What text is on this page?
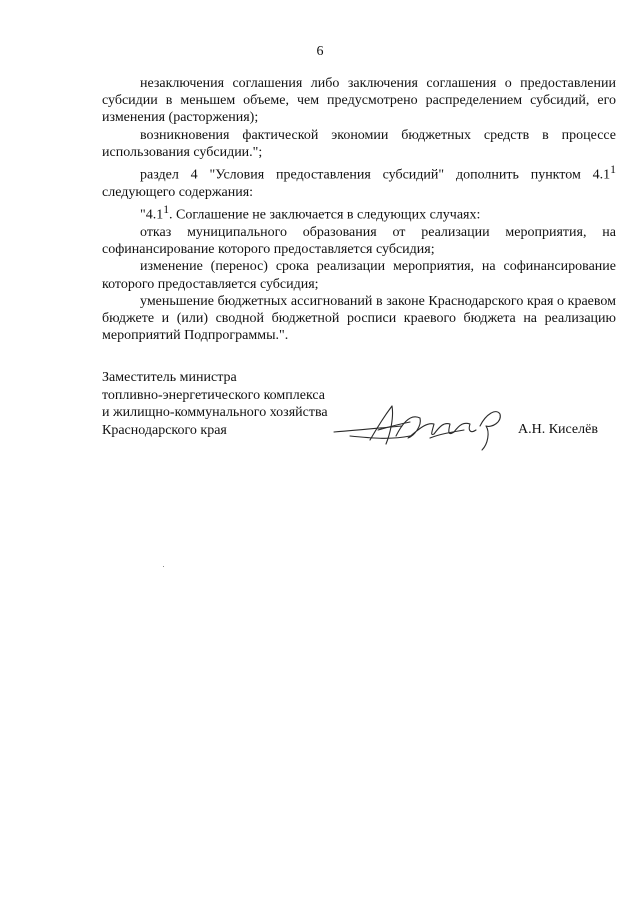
6

незаключения соглашения либо заключения соглашения о предоставлении субсидии в меньшем объеме, чем предусмотрено распределением субсидий, его изменения (расторжения);

возникновения фактической экономии бюджетных средств в процессе использования субсидии.";

раздел 4 "Условия предоставления субсидий" дополнить пунктом $4.1^1$ следующего содержания:

"$4.1^1$. Соглашение не заключается в следующих случаях:

отказ муниципального образования от реализации мероприятия, на софинансирование которого предоставляется субсидия;

изменение (перенос) срока реализации мероприятия, на софинансирование которого предоставляется субсидия;

уменьшение бюджетных ассигнований в законе Краснодарского края о краевом бюджете и (или) сводной бюджетной росписи краевого бюджета на реализацию мероприятий Подпрограммы.".

Заместитель министра
топливно-энергетического комплекса
и жилищно-коммунального хозяйства
Краснодарского края	А.Н. Киселёв
